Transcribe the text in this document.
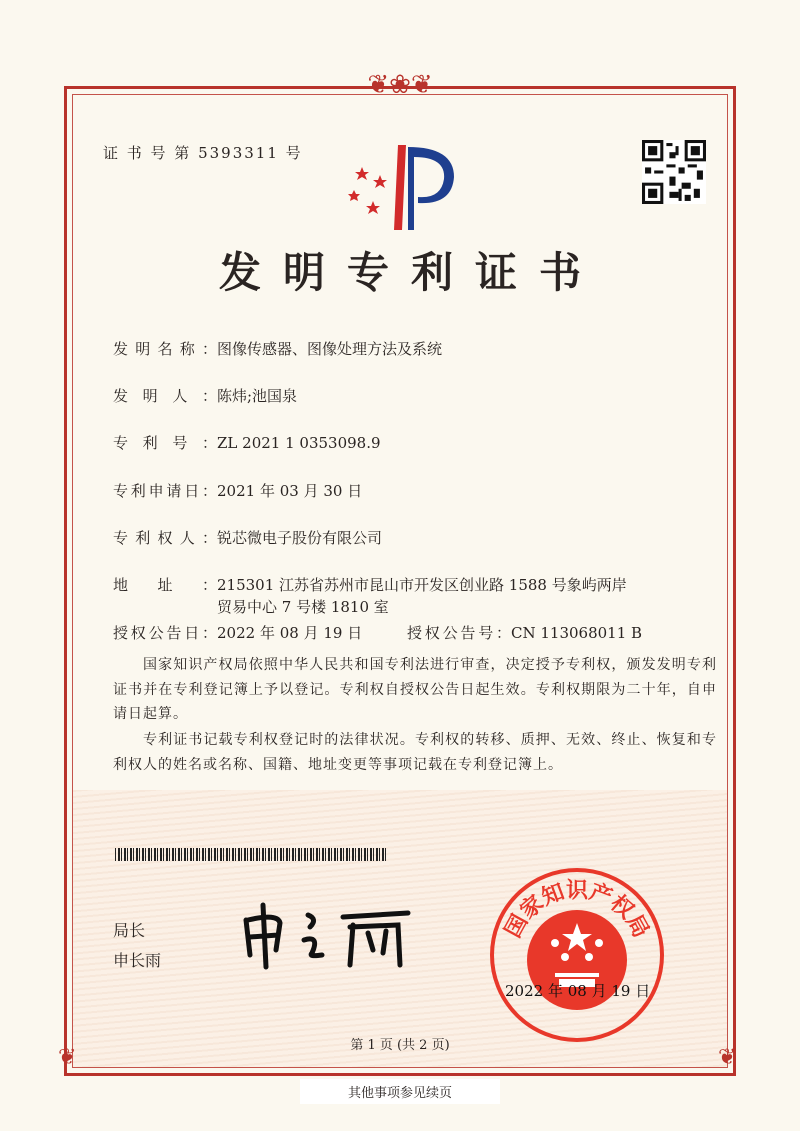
❦❀❦
❦	❦
证 书 号 第 5393311 号
发明专利证书
发明名称： 图像传感器、图像处理方法及系统
发明人： 陈炜;池国泉
专利号： ZL 2021 1 0353098.9
专利申请日： 2021 年 03 月 30 日
专利权人： 锐芯微电子股份有限公司
地址： 215301 江苏省苏州市昆山市开发区创业路 1588 号象屿两岸贸易中心 7 号楼 1810 室
授权公告日： 2022 年 08 月 19 日	授权公告号： CN 113068011 B
国家知识产权局依照中华人民共和国专利法进行审查，决定授予专利权，颁发发明专利证书并在专利登记簿上予以登记。专利权自授权公告日起生效。专利权期限为二十年，自申请日起算。
专利证书记载专利权登记时的法律状况。专利权的转移、质押、无效、终止、恢复和专利权人的姓名或名称、国籍、地址变更等事项记载在专利登记簿上。
局长
申长雨
国家知识产权局
2022 年 08 月 19 日
第 1 页 (共 2 页)
其他事项参见续页
